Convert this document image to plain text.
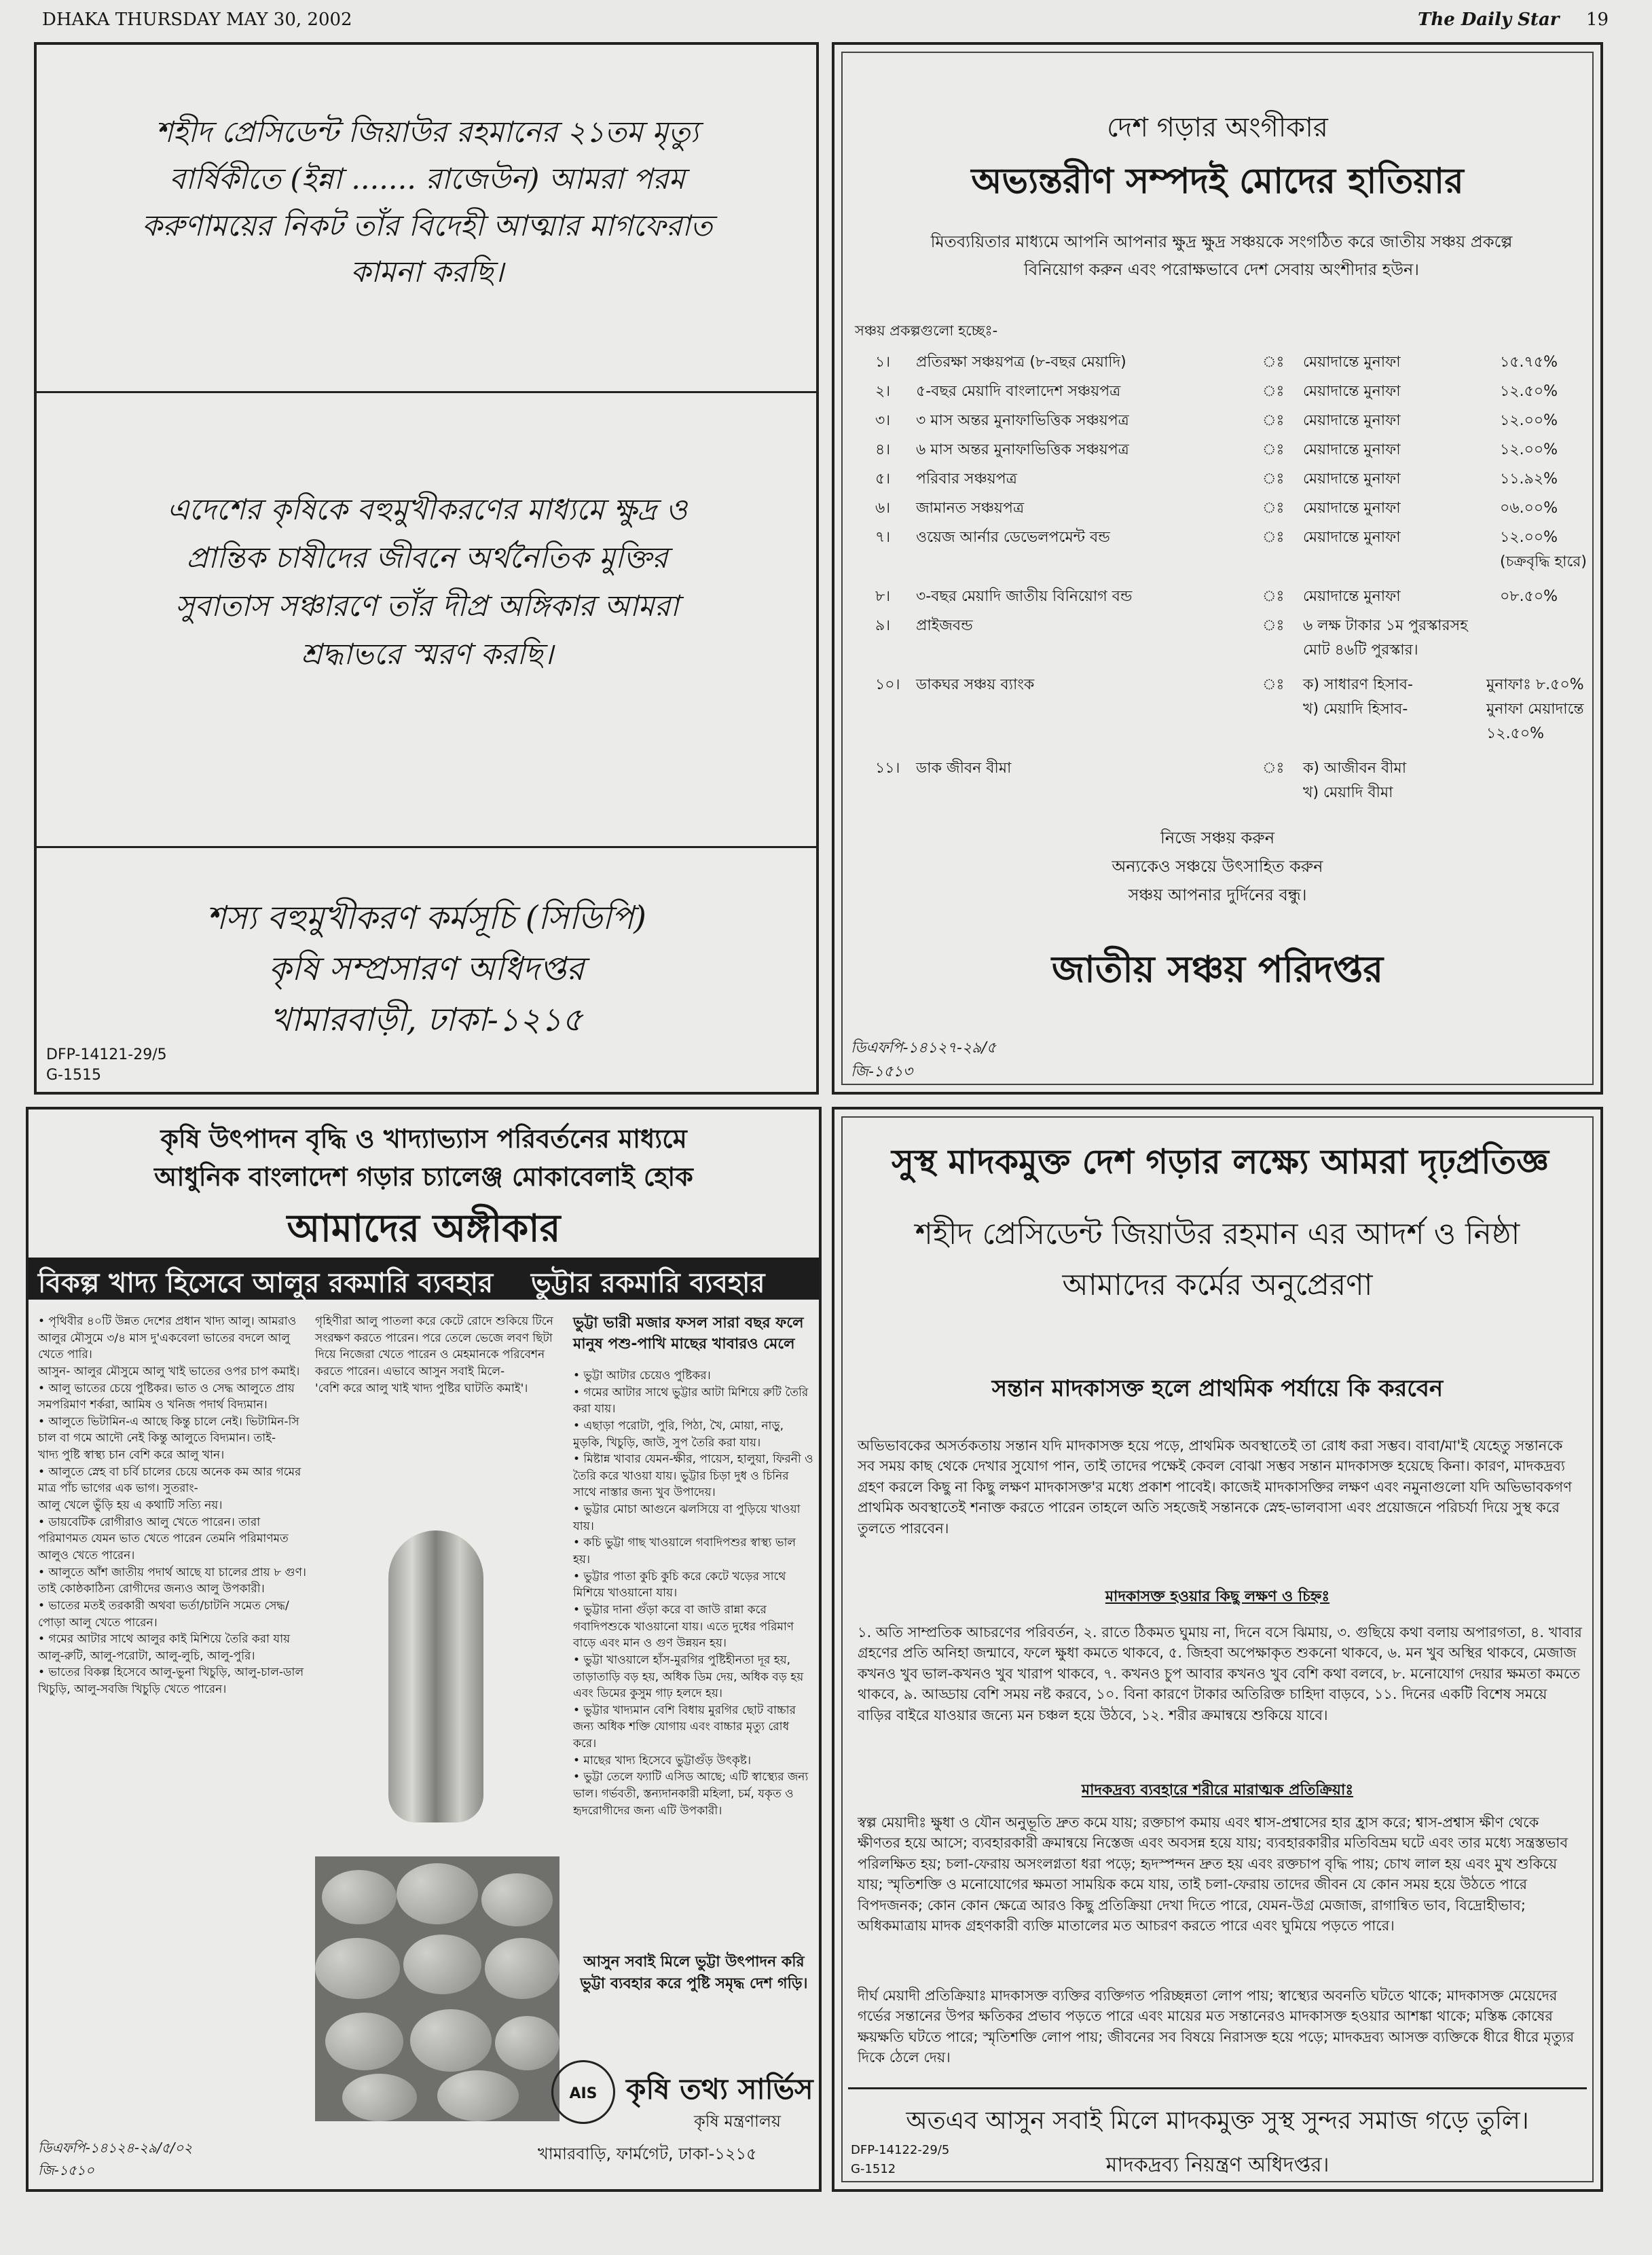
DHAKA THURSDAY MAY 30, 2002	The Daily Star 19
শহীদ প্রেসিডেন্ট জিয়াউর রহমানের ২১তম মৃত্যু বার্ষিকীতে (ইন্না ....... রাজেউন) আমরা পরম করুণাময়ের নিকট তাঁর বিদেহী আত্মার মাগফেরাত কামনা করছি।
এদেশের কৃষিকে বহুমুখীকরণের মাধ্যমে ক্ষুদ্র ও প্রান্তিক চাষীদের জীবনে অর্থনৈতিক মুক্তির সুবাতাস সঞ্চারণে তাঁর দীপ্র অঙ্গিকার আমরা শ্রদ্ধাভরে স্মরণ করছি।
শস্য বহুমুখীকরণ কর্মসূচি (সিডিপি)
কৃষি সম্প্রসারণ অধিদপ্তর
খামারবাড়ী, ঢাকা-১২১৫
DFP-14121-29/5
G-1515
দেশ গড়ার অংগীকার
অভ্যন্তরীণ সম্পদই মোদের হাতিয়ার
মিতব্যয়িতার মাধ্যমে আপনি আপনার ক্ষুদ্র ক্ষুদ্র সঞ্চয়কে সংগঠিত করে জাতীয় সঞ্চয় প্রকল্পে বিনিয়োগ করুন এবং পরোক্ষভাবে দেশ সেবায় অংশীদার হউন।
সঞ্চয় প্রকল্পগুলো হচ্ছেঃ-
১। প্রতিরক্ষা সঞ্চয়পত্র (৮-বছর মেয়াদি)	ঃ মেয়াদান্তে মুনাফা	১৫.৭৫%
২। ৫-বছর মেয়াদি বাংলাদেশ সঞ্চয়পত্র	ঃ মেয়াদান্তে মুনাফা	১২.৫০%
৩। ৩ মাস অন্তর মুনাফাভিত্তিক সঞ্চয়পত্র	ঃ মেয়াদান্তে মুনাফা	১২.০০%
৪। ৬ মাস অন্তর মুনাফাভিত্তিক সঞ্চয়পত্র	ঃ মেয়াদান্তে মুনাফা	১২.০০%
৫। পরিবার সঞ্চয়পত্র	ঃ মেয়াদান্তে মুনাফা	১১.৯২%
৬। জামানত সঞ্চয়পত্র	ঃ মেয়াদান্তে মুনাফা	০৬.০০%
৭। ওয়েজ আর্নার ডেভেলপমেন্ট বন্ড	ঃ মেয়াদান্তে মুনাফা	১২.০০%
(চক্রবৃদ্ধি হারে)
৮। ৩-বছর মেয়াদি জাতীয় বিনিয়োগ বন্ড	ঃ মেয়াদান্তে মুনাফা	০৮.৫০%
৯। প্রাইজবন্ড	ঃ ৬ লক্ষ টাকার ১ম পুরস্কারসহ
মোট ৪৬টি পুরস্কার।
১০। ডাকঘর সঞ্চয় ব্যাংক	ঃ ক) সাধারণ হিসাব-	মুনাফাঃ ৮.৫০%
খ) মেয়াদি হিসাব-	মুনাফা মেয়াদান্তে
১২.৫০%
১১। ডাক জীবন বীমা	ঃ ক) আজীবন বীমা
খ) মেয়াদি বীমা
নিজে সঞ্চয় করুন
অন্যকেও সঞ্চয়ে উৎসাহিত করুন
সঞ্চয় আপনার দুর্দিনের বন্ধু।
জাতীয় সঞ্চয় পরিদপ্তর
ডিএফপি-১৪১২৭-২৯/৫
জি-১৫১৩
কৃষি উৎপাদন বৃদ্ধি ও খাদ্যাভ্যাস পরিবর্তনের মাধ্যমে
আধুনিক বাংলাদেশ গড়ার চ্যালেঞ্জ মোকাবেলাই হোক
আমাদের অঙ্গীকার
বিকল্প খাদ্য হিসেবে আলুর রকমারি ব্যবহার ভুট্টার রকমারি ব্যবহার
• পৃথিবীর ৪০টি উন্নত দেশের প্রধান খাদ্য আলু। আমরাও আলুর মৌসুমে ৩/৪ মাস দু'একবেলা ভাতের বদলে আলু খেতে পারি।
আসুন- আলুর মৌসুমে আলু খাই ভাতের ওপর চাপ কমাই।
• আলু ভাতের চেয়ে পুষ্টিকর। ভাত ও সেদ্ধ আলুতে প্রায় সমপরিমাণ শর্করা, আমিষ ও খনিজ পদার্থ বিদ্যমান।
• আলুতে ভিটামিন-এ আছে কিন্তু চালে নেই। ভিটামিন-সি চাল বা গমে আদৌ নেই কিন্তু আলুতে বিদ্যমান। তাই-
খাদ্য পুষ্টি স্বাস্থ্য চান বেশি করে আলু খান।
• আলুতে স্নেহ বা চর্বি চালের চেয়ে অনেক কম আর গমের মাত্র পাঁচ ভাগের এক ভাগ। সুতরাং-
আলু খেলে ভুঁড়ি হয় এ কথাটি সত্যি নয়।
• ডায়বেটিক রোগীরাও আলু খেতে পারেন। তারা পরিমাণমত যেমন ভাত খেতে পারেন তেমনি পরিমাণমত আলুও খেতে পারেন।
• আলুতে আঁশ জাতীয় পদার্থ আছে যা চালের প্রায় ৮ গুণ। তাই কোষ্ঠকাঠিন্য রোগীদের জন্যও আলু উপকারী।
• ভাতের মতই তরকারী অথবা ভর্তা/চাটনি সমেত সেদ্ধ/পোড়া আলু খেতে পারেন।
• গমের আটার সাথে আলুর কাই মিশিয়ে তৈরি করা যায় আলু-রুটি, আলু-পরোটা, আলু-লুচি, আলু-পুরি।
• ভাতের বিকল্প হিসেবে আলু-ভুনা খিচুড়ি, আলু-চাল-ডাল খিচুড়ি, আলু-সবজি খিচুড়ি খেতে পারেন।
গৃহিণীরা আলু পাতলা করে কেটে রোদে শুকিয়ে টিনে সংরক্ষণ করতে পারেন। পরে তেলে ভেজে লবণ ছিটা দিয়ে নিজেরা খেতে পারেন ও মেহমানকে পরিবেশন করতে পারেন। এভাবে আসুন সবাই মিলে-
'বেশি করে আলু খাই খাদ্য পুষ্টির ঘাটতি কমাই'।
ভুট্টা ভারী মজার ফসল সারা বছর ফলে মানুষ পশু-পাখি মাছের খাবারও মেলে
• ভুট্টা আটার চেয়েও পুষ্টিকর।
• গমের আটার সাথে ভুট্টার আটা মিশিয়ে রুটি তৈরি করা যায়।
• এছাড়া পরোটা, পুরি, পিঠা, খৈ, মোয়া, নাড়ু, মুড়কি, খিচুড়ি, জাউ, সুপ তৈরি করা যায়।
• মিষ্টান্ন খাবার যেমন-ক্ষীর, পায়েস, হালুয়া, ফিরনী ও তৈরি করে খাওয়া যায়। ভুট্টার চিড়া দুধ ও চিনির সাথে নাস্তার জন্য খুব উপাদেয়।
• ভুট্টার মোচা আগুনে ঝলসিয়ে বা পুড়িয়ে খাওয়া যায়।
• কচি ভুট্টা গাছ খাওয়ালে গবাদিপশুর স্বাস্থ্য ভাল হয়।
• ভুট্টার পাতা কুচি কুচি করে কেটে খড়ের সাথে মিশিয়ে খাওয়ানো যায়।
• ভুট্টার দানা গুঁড়া করে বা জাউ রান্না করে গবাদিপশুকে খাওয়ানো যায়। এতে দুধের পরিমাণ বাড়ে এবং মান ও গুণ উন্নয়ন হয়।
• ভুট্টা খাওয়ালে হাঁস-মুরগির পুষ্টিহীনতা দূর হয়, তাড়াতাড়ি বড় হয়, অধিক ডিম দেয়, অধিক বড় হয় এবং ডিমের কুসুম গাঢ় হলদে হয়।
• ভুট্টার খাদ্যমান বেশি বিধায় মুরগির ছোট বাচ্চার জন্য অধিক শক্তি যোগায় এবং বাচ্চার মৃত্যু রোধ করে।
• মাছের খাদ্য হিসেবে ভুট্টাগুঁড় উৎকৃষ্ট।
• ভুট্টা তেলে ফ্যাটি এসিড আছে; এটি স্বাস্থ্যের জন্য ভাল। গর্ভবতী, স্তন্যদানকারী মহিলা, চর্ম, যকৃত ও হৃদরোগীদের জন্য এটি উপকারী।
আসুন সবাই মিলে ভুট্টা উৎপাদন করি ভুট্টা ব্যবহার করে পুষ্টি সমৃদ্ধ দেশ গড়ি।
AIS	কৃষি তথ্য সার্ভিস
কৃষি মন্ত্রণালয়
খামারবাড়ি, ফার্মগেট, ঢাকা-১২১৫
ডিএফপি-১৪১২৪-২৯/৫/০২
জি-১৫১০
সুস্থ মাদকমুক্ত দেশ গড়ার লক্ষ্যে আমরা দৃঢ়প্রতিজ্ঞ
শহীদ প্রেসিডেন্ট জিয়াউর রহমান এর আদর্শ ও নিষ্ঠা
আমাদের কর্মের অনুপ্রেরণা
সন্তান মাদকাসক্ত হলে প্রাথমিক পর্যায়ে কি করবেন
অভিভাবকের অসর্তকতায় সন্তান যদি মাদকাসক্ত হয়ে পড়ে, প্রাথমিক অবস্থাতেই তা রোধ করা সম্ভব। বাবা/মা'ই যেহেতু সন্তানকে সব সময় কাছ থেকে দেখার সুযোগ পান, তাই তাদের পক্ষেই কেবল বোঝা সম্ভব সন্তান মাদকাসক্ত হয়েছে কিনা। কারণ, মাদকদ্রব্য গ্রহণ করলে কিছু না কিছু লক্ষণ মাদকাসক্ত'র মধ্যে প্রকাশ পাবেই। কাজেই মাদকাসক্তির লক্ষণ এবং নমুনাগুলো যদি অভিভাবকগণ প্রাথমিক অবস্থাতেই শনাক্ত করতে পারেন তাহলে অতি সহজেই সন্তানকে স্নেহ-ভালবাসা এবং প্রয়োজনে পরিচর্যা দিয়ে সুস্থ করে তুলতে পারবেন।
মাদকাসক্ত হওয়ার কিছু লক্ষণ ও চিহ্নঃ
১. অতি সাম্প্রতিক আচরণের পরিবর্তন, ২. রাতে ঠিকমত ঘুমায় না, দিনে বসে ঝিমায়, ৩. গুছিয়ে কথা বলায় অপারগতা, ৪. খাবার গ্রহণের প্রতি অনিহা জন্মাবে, ফলে ক্ষুধা কমতে থাকবে, ৫. জিহবা অপেক্ষাকৃত শুকনো থাকবে, ৬. মন খুব অস্থির থাকবে, মেজাজ কখনও খুব ভাল-কখনও খুব খারাপ থাকবে, ৭. কখনও চুপ আবার কখনও খুব বেশি কথা বলবে, ৮. মনোযোগ দেয়ার ক্ষমতা কমতে থাকবে, ৯. আড্ডায় বেশি সময় নষ্ট করবে, ১০. বিনা কারণে টাকার অতিরিক্ত চাহিদা বাড়বে, ১১. দিনের একটি বিশেষ সময়ে বাড়ির বাইরে যাওয়ার জন্যে মন চঞ্চল হয়ে উঠবে, ১২. শরীর ক্রমান্বয়ে শুকিয়ে যাবে।
মাদকদ্রব্য ব্যবহারে শরীরে মারাত্মক প্রতিক্রিয়াঃ
স্বল্প মেয়াদীঃ ক্ষুধা ও যৌন অনুভূতি দ্রুত কমে যায়; রক্তচাপ কমায় এবং শ্বাস-প্রশ্বাসের হার হ্রাস করে; শ্বাস-প্রশ্বাস ক্ষীণ থেকে ক্ষীণতর হয়ে আসে; ব্যবহারকারী ক্রমান্বয়ে নিস্তেজ এবং অবসন্ন হয়ে যায়; ব্যবহারকারীর মতিবিভ্রম ঘটে এবং তার মধ্যে সন্ত্রস্তভাব পরিলক্ষিত হয়; চলা-ফেরায় অসংলগ্নতা ধরা পড়ে; হৃদস্পন্দন দ্রুত হয় এবং রক্তচাপ বৃদ্ধি পায়; চোখ লাল হয় এবং মুখ শুকিয়ে যায়; স্মৃতিশক্তি ও মনোযোগের ক্ষমতা সাময়িক কমে যায়, তাই চলা-ফেরায় তাদের জীবন যে কোন সময় হয়ে উঠতে পারে বিপদজনক; কোন কোন ক্ষেত্রে আরও কিছু প্রতিক্রিয়া দেখা দিতে পারে, যেমন-উগ্র মেজাজ, রাগান্বিত ভাব, বিদ্রোহীভাব; অধিকমাত্রায় মাদক গ্রহণকারী ব্যক্তি মাতালের মত আচরণ করতে পারে এবং ঘুমিয়ে পড়তে পারে।
দীর্ঘ মেয়াদী প্রতিক্রিয়াঃ মাদকাসক্ত ব্যক্তির ব্যক্তিগত পরিচ্ছন্নতা লোপ পায়; স্বাস্থ্যের অবনতি ঘটতে থাকে; মাদকাসক্ত মেয়েদের গর্ভের সন্তানের উপর ক্ষতিকর প্রভাব পড়তে পারে এবং মায়ের মত সন্তানেরও মাদকাসক্ত হওয়ার আশঙ্কা থাকে; মস্তিষ্ক কোষের ক্ষয়ক্ষতি ঘটতে পারে; স্মৃতিশক্তি লোপ পায়; জীবনের সব বিষয়ে নিরাসক্ত হয়ে পড়ে; মাদকদ্রব্য আসক্ত ব্যক্তিকে ধীরে ধীরে মৃত্যুর দিকে ঠেলে দেয়।
অতএব আসুন সবাই মিলে মাদকমুক্ত সুস্থ সুন্দর সমাজ গড়ে তুলি।
মাদকদ্রব্য নিয়ন্ত্রণ অধিদপ্তর।
DFP-14122-29/5
G-1512
